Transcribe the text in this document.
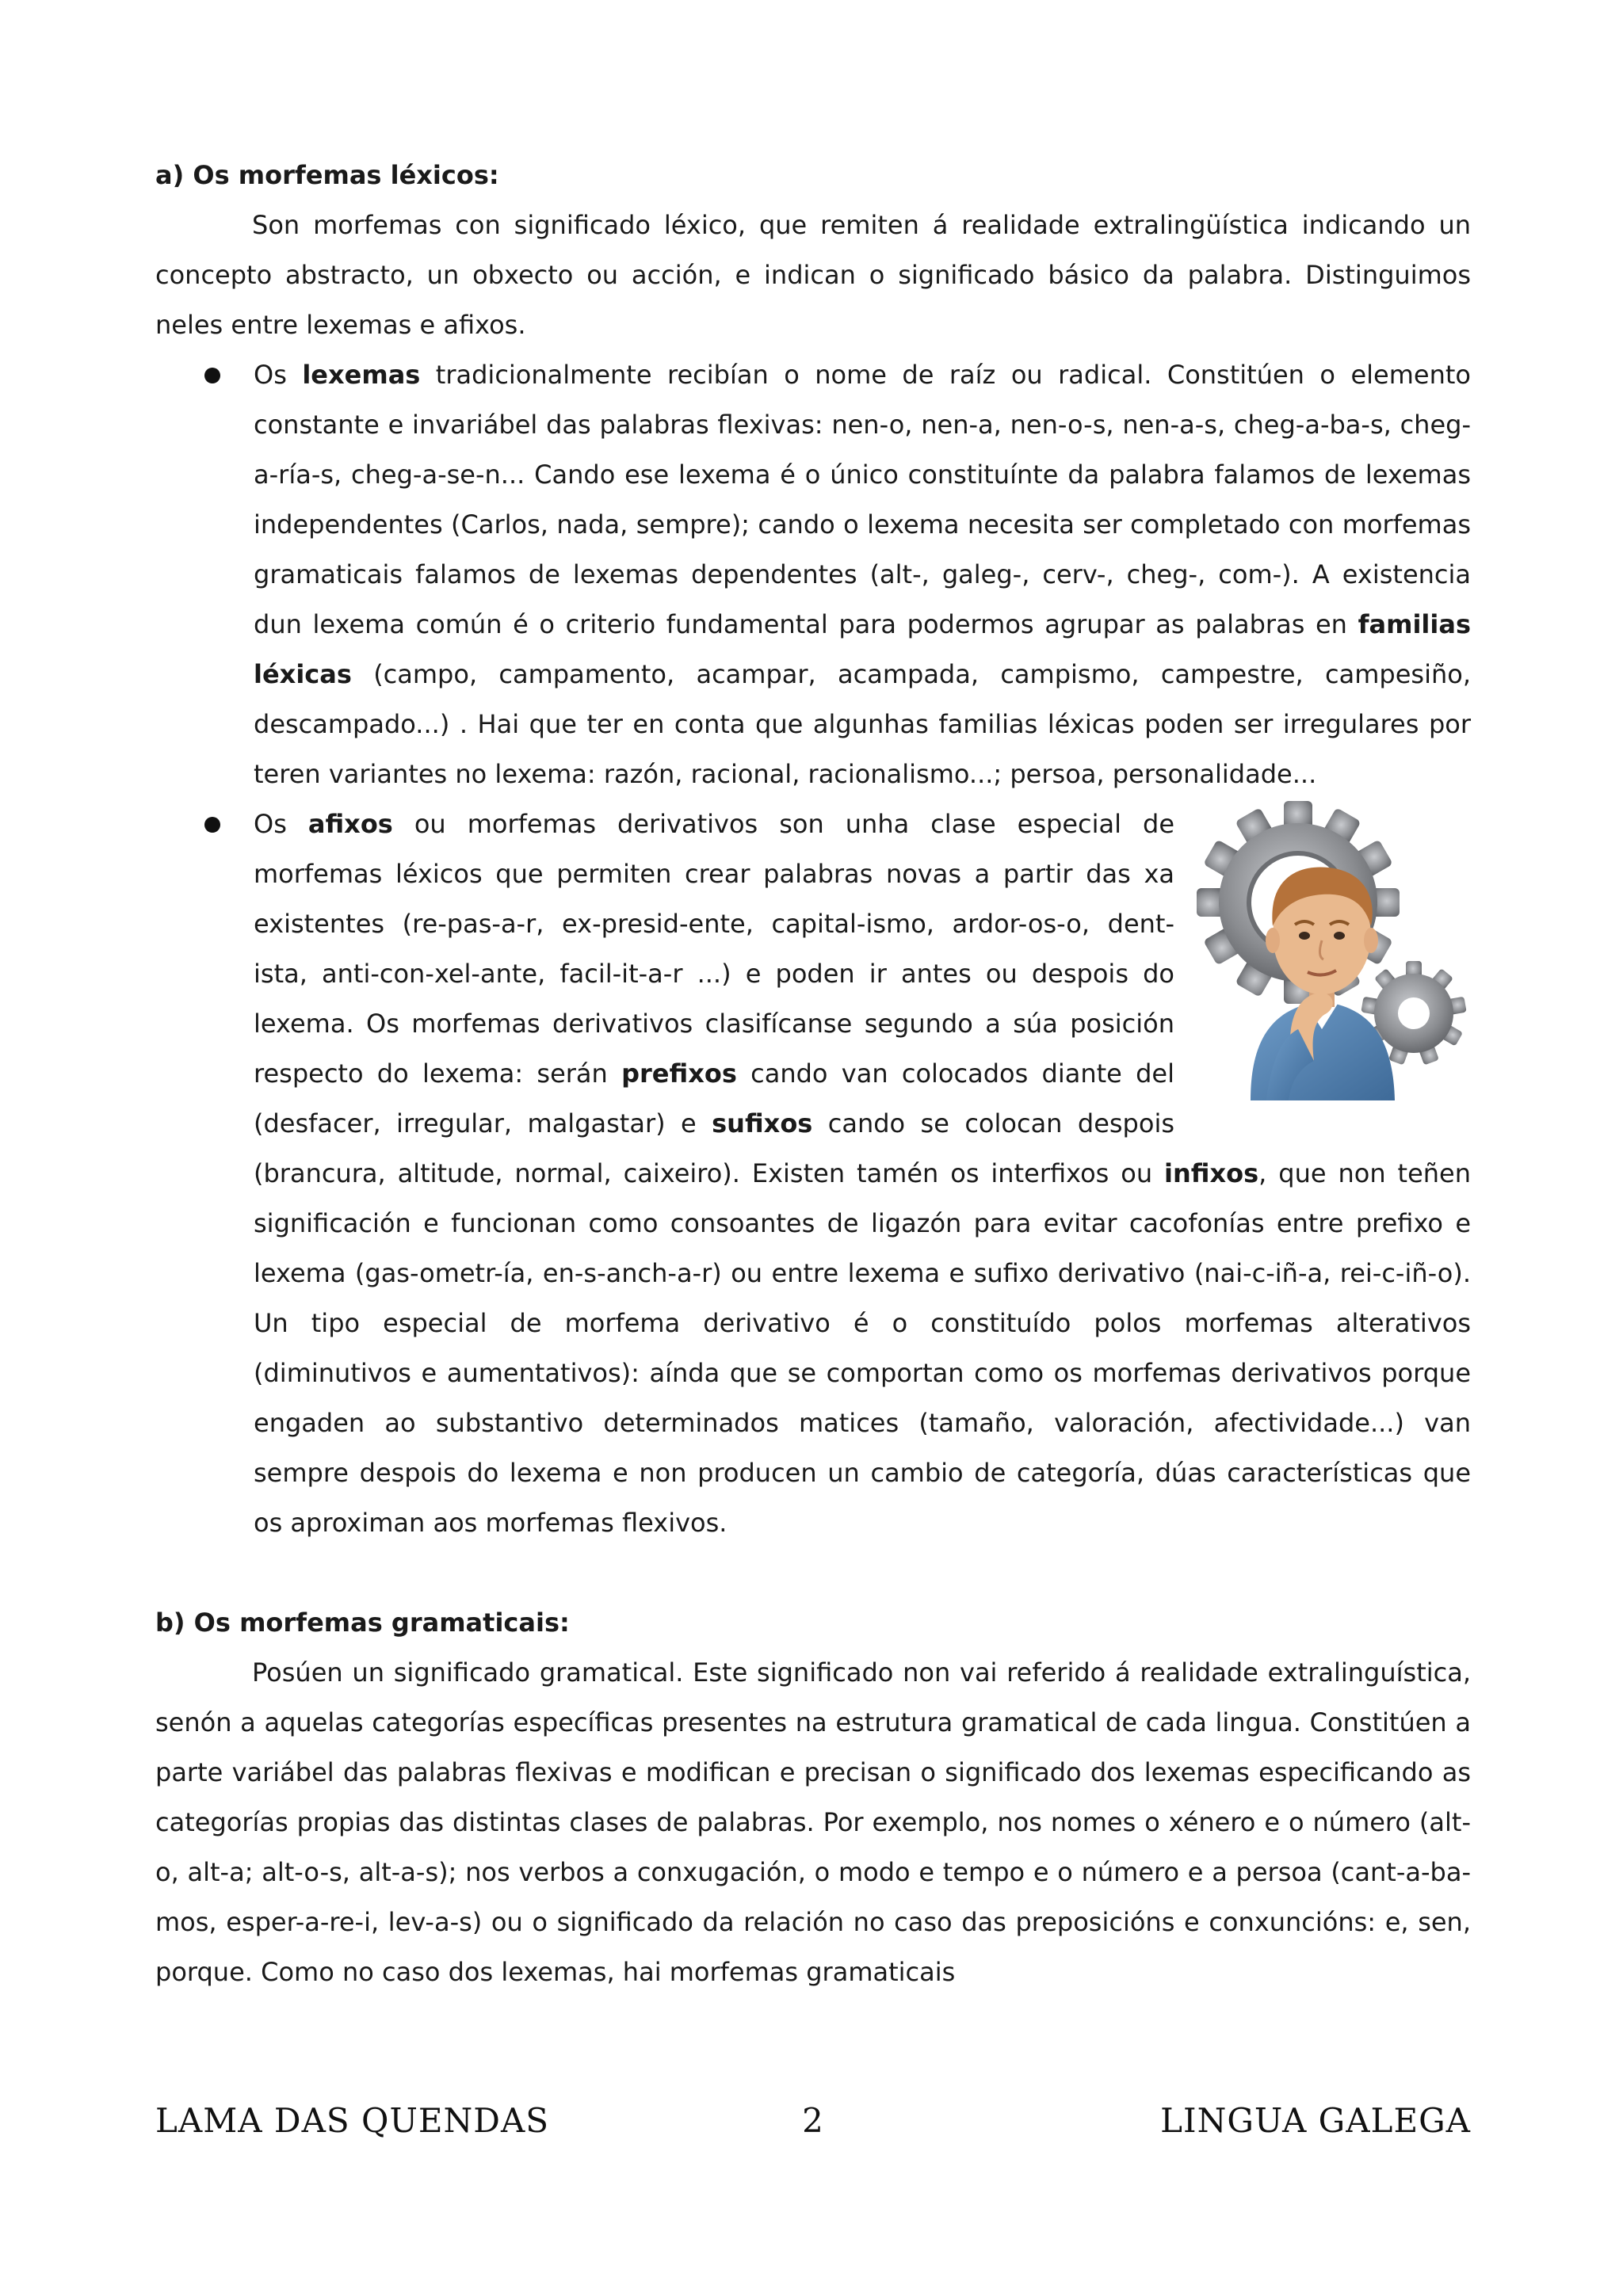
a) Os morfemas léxicos:

Son morfemas con significado léxico, que remiten á realidade extralingüística indicando un concepto abstracto, un obxecto ou acción, e indican o significado básico da palabra. Distinguimos neles entre lexemas e afixos.

Os lexemas tradicionalmente recibían o nome de raíz ou radical. Constitúen o elemento constante e invariábel das palabras flexivas: nen-o, nen-a, nen-o-s, nen-a-s, cheg-a-ba-s, cheg-a-ría-s, cheg-a-se-n... Cando ese lexema é o único constituínte da palabra falamos de lexemas independentes (Carlos, nada, sempre); cando o lexema necesita ser completado con morfemas gramaticais falamos de lexemas dependentes (alt-, galeg-, cerv-, cheg-, com-). A existencia dun lexema común é o criterio fundamental para podermos agrupar as palabras en familias léxicas (campo, campamento, acampar, acampada, campismo, campestre, campesiño, descampado...) . Hai que ter en conta que algunhas familias léxicas poden ser irregulares por teren variantes no lexema: razón, racional, racionalismo...; persoa, personalidade...
Os afixos ou morfemas derivativos son unha clase especial de morfemas léxicos que permiten crear palabras novas a partir das xa existentes (re-pas-a-r, ex-presid-ente, capital-ismo, ardor-os-o, dent-ista, anti-con-xel-ante, facil-it-a-r ...) e poden ir antes ou despois do lexema. Os morfemas derivativos clasifícanse segundo a súa posición respecto do lexema: serán prefixos cando van colocados diante del (desfacer, irregular, malgastar) e sufixos cando se colocan despois (brancura, altitude, normal, caixeiro). Existen tamén os interfixos ou infixos, que non teñen significación e funcionan como consoantes de ligazón para evitar cacofonías entre prefixo e lexema (gas-ometr-ía, en-s-anch-a-r) ou entre lexema e sufixo derivativo (nai-c-iñ-a, rei-c-iñ-o). Un tipo especial de morfema derivativo é o constituído polos morfemas alterativos (diminutivos e aumentativos): aínda que se comportan como os morfemas derivativos porque engaden ao substantivo determinados matices (tamaño, valoración, afectividade...) van sempre despois do lexema e non producen un cambio de categoría, dúas características que os aproximan aos morfemas flexivos.

b) Os morfemas gramaticais:

Posúen un significado gramatical. Este significado non vai referido á realidade extralinguística, senón a aquelas categorías específicas presentes na estrutura gramatical de cada lingua. Constitúen a parte variábel das palabras flexivas e modifican e precisan o significado dos lexemas especificando as categorías propias das distintas clases de palabras. Por exemplo, nos nomes o xénero e o número (alt-o, alt-a; alt-o-s, alt-a-s); nos verbos a conxugación, o modo e tempo e o número e a persoa (cant-a-ba-mos, esper-a-re-i, lev-a-s) ou o significado da relación no caso das preposicións e conxuncións: e, sen, porque. Como no caso dos lexemas, hai morfemas gramaticais

LAMA DAS QUENDAS	2	LINGUA GALEGA
